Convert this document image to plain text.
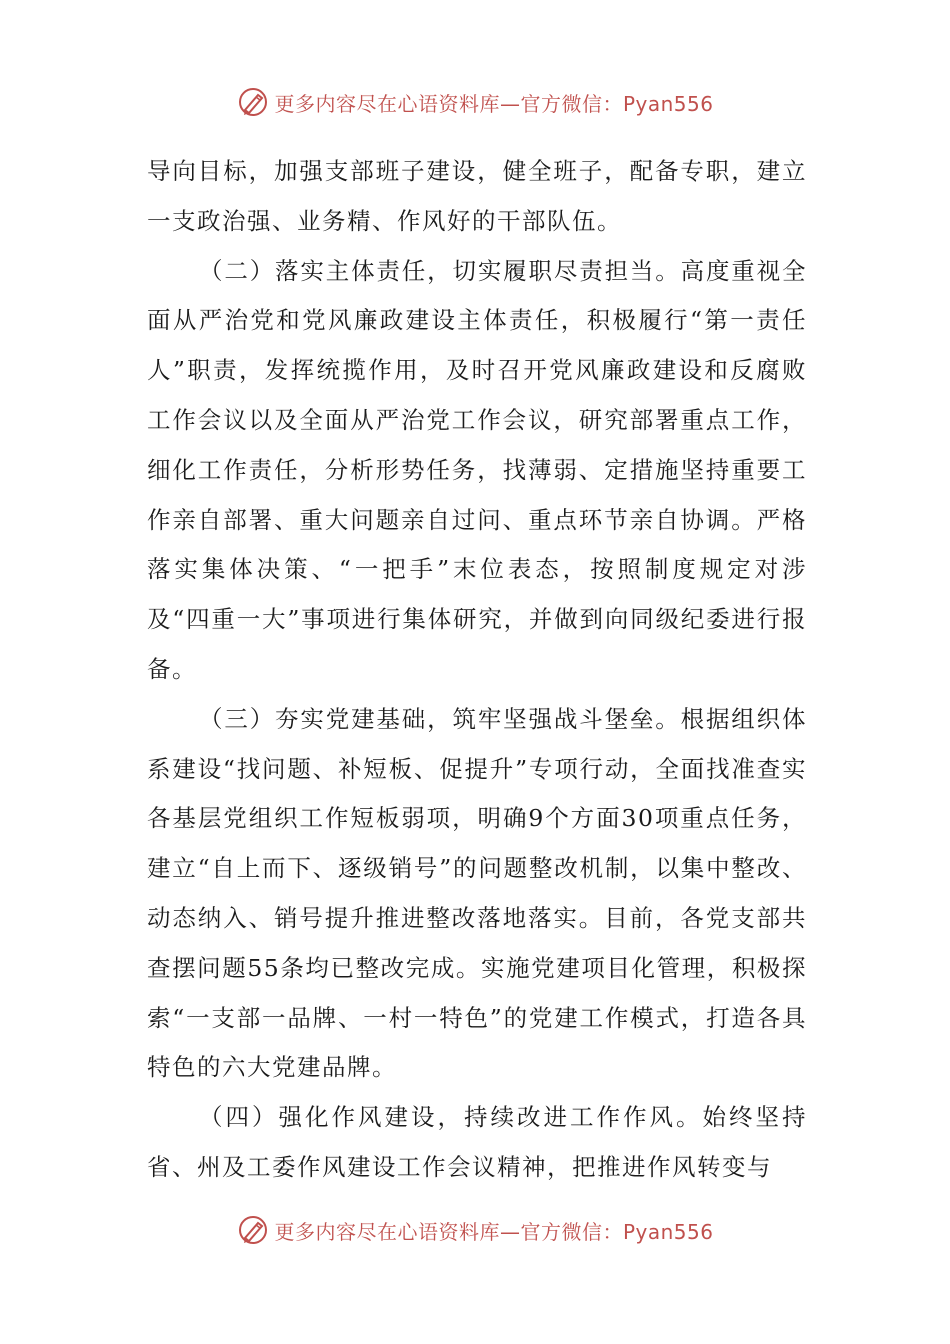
更多内容尽在心语资料库—官方微信：Pyan556

导向目标，加强支部班子建设，健全班子，配备专职，建立一支政治强、业务精、作风好的干部队伍。

（二）落实主体责任，切实履职尽责担当。高度重视全面从严治党和党风廉政建设主体责任，积极履行“第一责任人”职责，发挥统揽作用，及时召开党风廉政建设和反腐败工作会议以及全面从严治党工作会议，研究部署重点工作，细化工作责任，分析形势任务，找薄弱、定措施坚持重要工作亲自部署、重大问题亲自过问、重点环节亲自协调。严格落实集体决策、“一把手”末位表态，按照制度规定对涉及“四重一大”事项进行集体研究，并做到向同级纪委进行报备。

（三）夯实党建基础，筑牢坚强战斗堡垒。根据组织体系建设“找问题、补短板、促提升”专项行动，全面找准查实各基层党组织工作短板弱项，明确9个方面30项重点任务，建立“自上而下、逐级销号”的问题整改机制，以集中整改、动态纳入、销号提升推进整改落地落实。目前，各党支部共查摆问题55条均已整改完成。实施党建项目化管理，积极探索“一支部一品牌、一村一特色”的党建工作模式，打造各具特色的六大党建品牌。

（四）强化作风建设，持续改进工作作风。始终坚持省、州及工委作风建设工作会议精神，把推进作风转变与

更多内容尽在心语资料库—官方微信：Pyan556
